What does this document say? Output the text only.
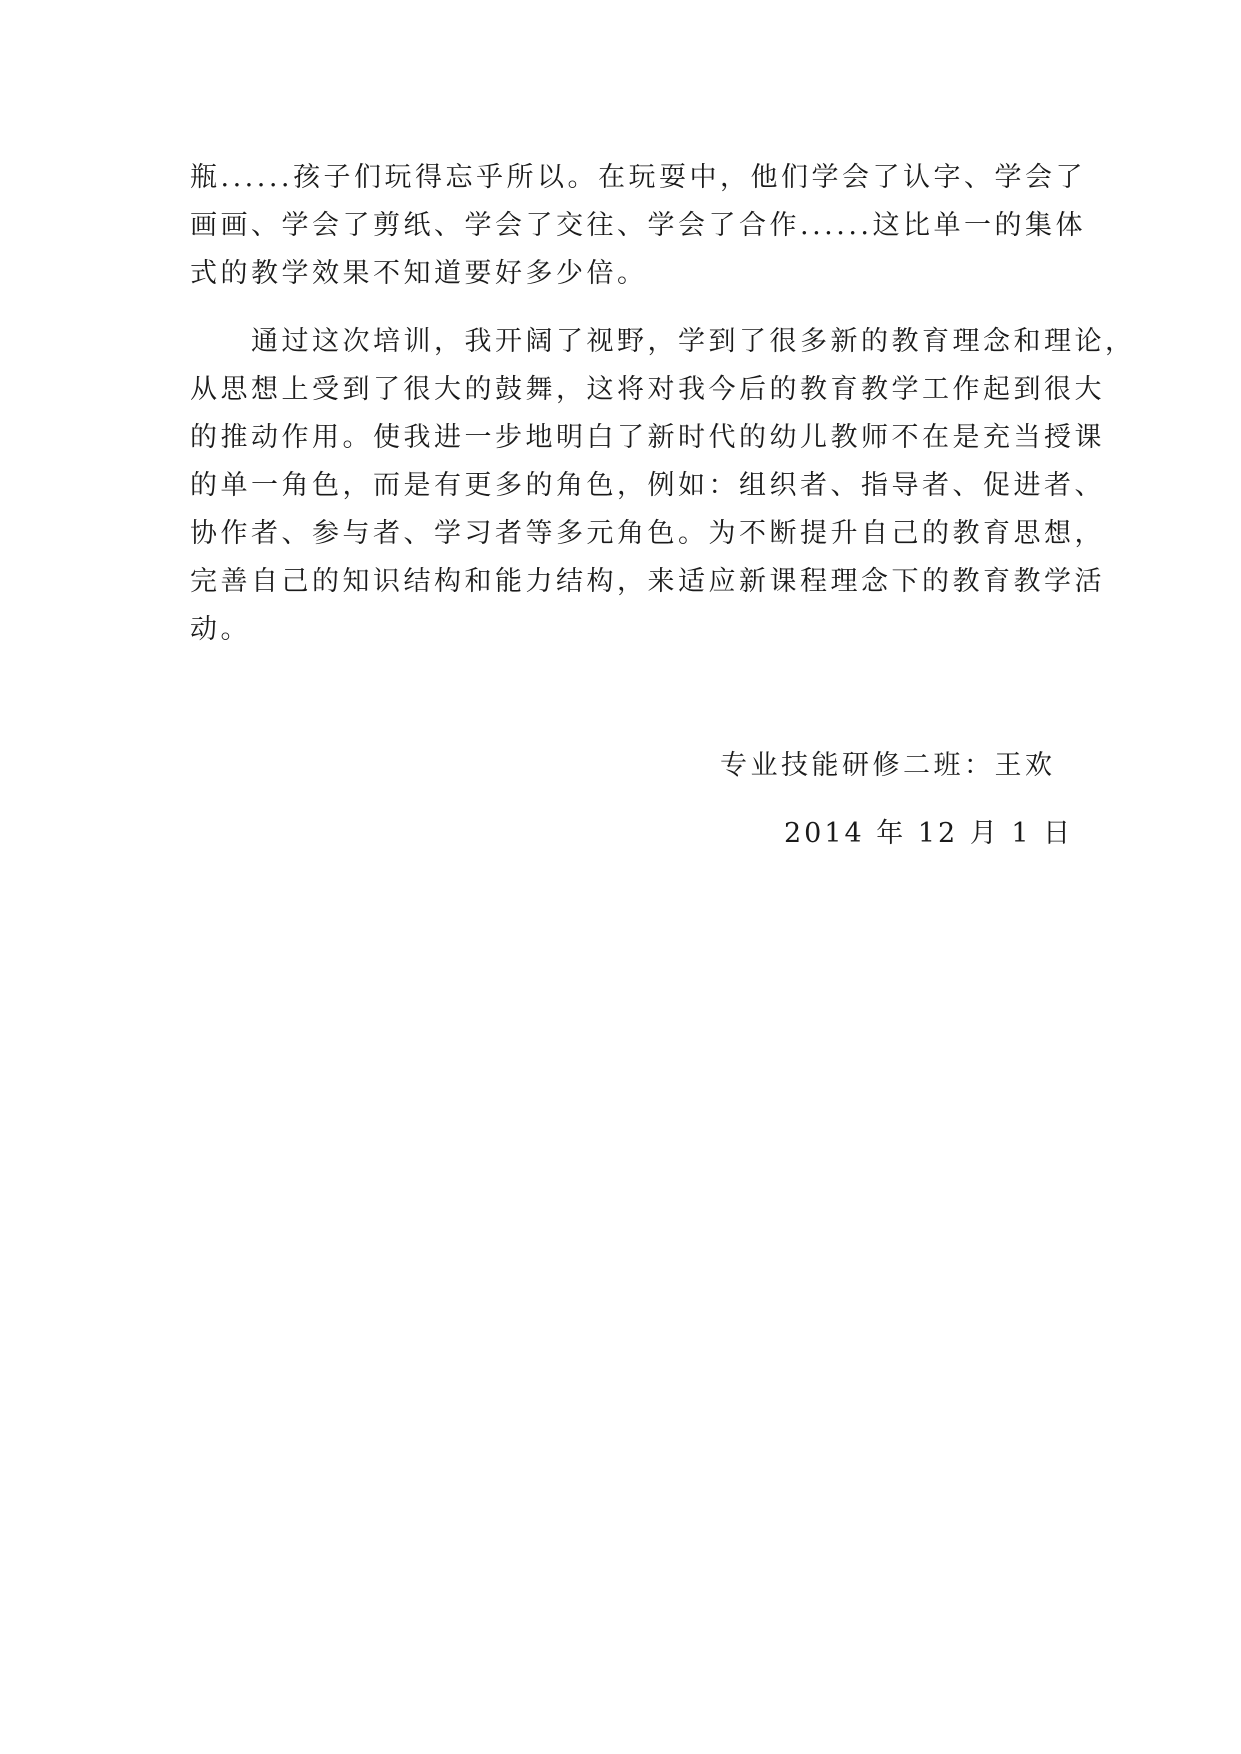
瓶......孩子们玩得忘乎所以。在玩耍中，他们学会了认字、学会了
画画、学会了剪纸、学会了交往、学会了合作......这比单一的集体
式的教学效果不知道要好多少倍。
　　通过这次培训，我开阔了视野，学到了很多新的教育理念和理论，
从思想上受到了很大的鼓舞，这将对我今后的教育教学工作起到很大
的推动作用。使我进一步地明白了新时代的幼儿教师不在是充当授课
的单一角色，而是有更多的角色，例如：组织者、指导者、促进者、
协作者、参与者、学习者等多元角色。为不断提升自己的教育思想，
完善自己的知识结构和能力结构，来适应新课程理念下的教育教学活
动。
专业技能研修二班：王欢
2014 年 12 月 1 日
